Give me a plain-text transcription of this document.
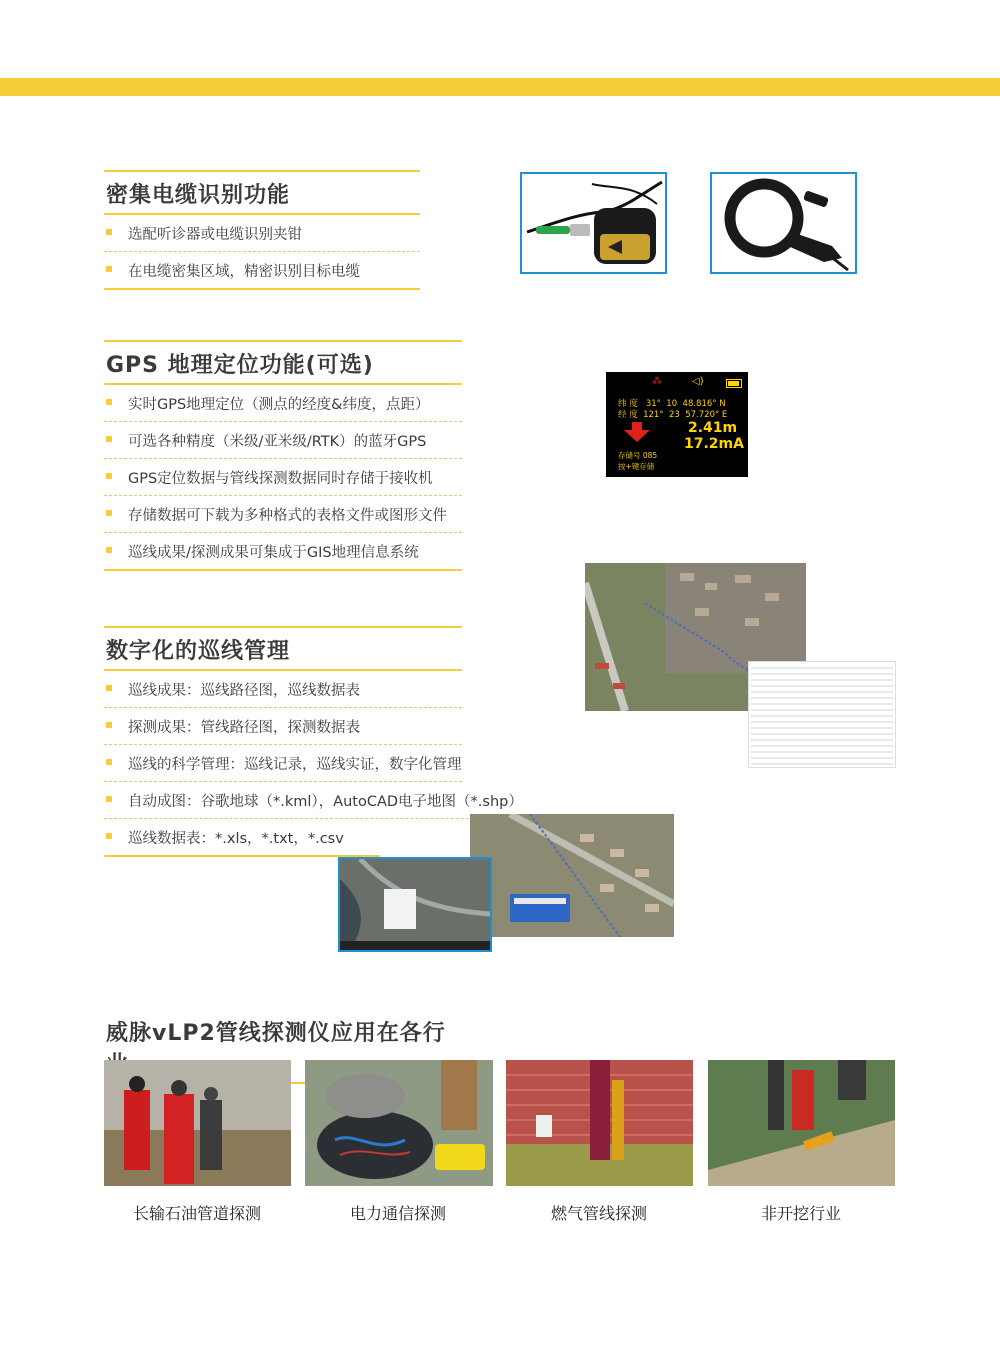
密集电缆识别功能
选配听诊器或电缆识别夹钳
在电缆密集区域，精密识别目标电缆
GPS 地理定位功能(可选)
实时GPS地理定位（测点的经度&纬度，点距）
可选各种精度（米级/亚米级/RTK）的蓝牙GPS
GPS定位数据与管线探测数据同时存储于接收机
存储数据可下载为多种格式的表格文件或图形文件
巡线成果/探测成果可集成于GIS地理信息系统
⁂	◁)
纬 度 31° 10 48.816° N
经 度 121° 23 57.720° E
2.41m
17.2mA
存储号 085
按+键存储
数字化的巡线管理
巡线成果：巡线路径图，巡线数据表
探测成果：管线路径图，探测数据表
巡线的科学管理：巡线记录，巡线实证，数字化管理
自动成图：谷歌地球（*.kml），AutoCAD电子地图（*.shp）
巡线数据表：*.xls，*.txt，*.csv
威脉vLP2管线探测仪应用在各行
长输石油管道探测	电力通信探测	燃气管线探测	非开挖行业
